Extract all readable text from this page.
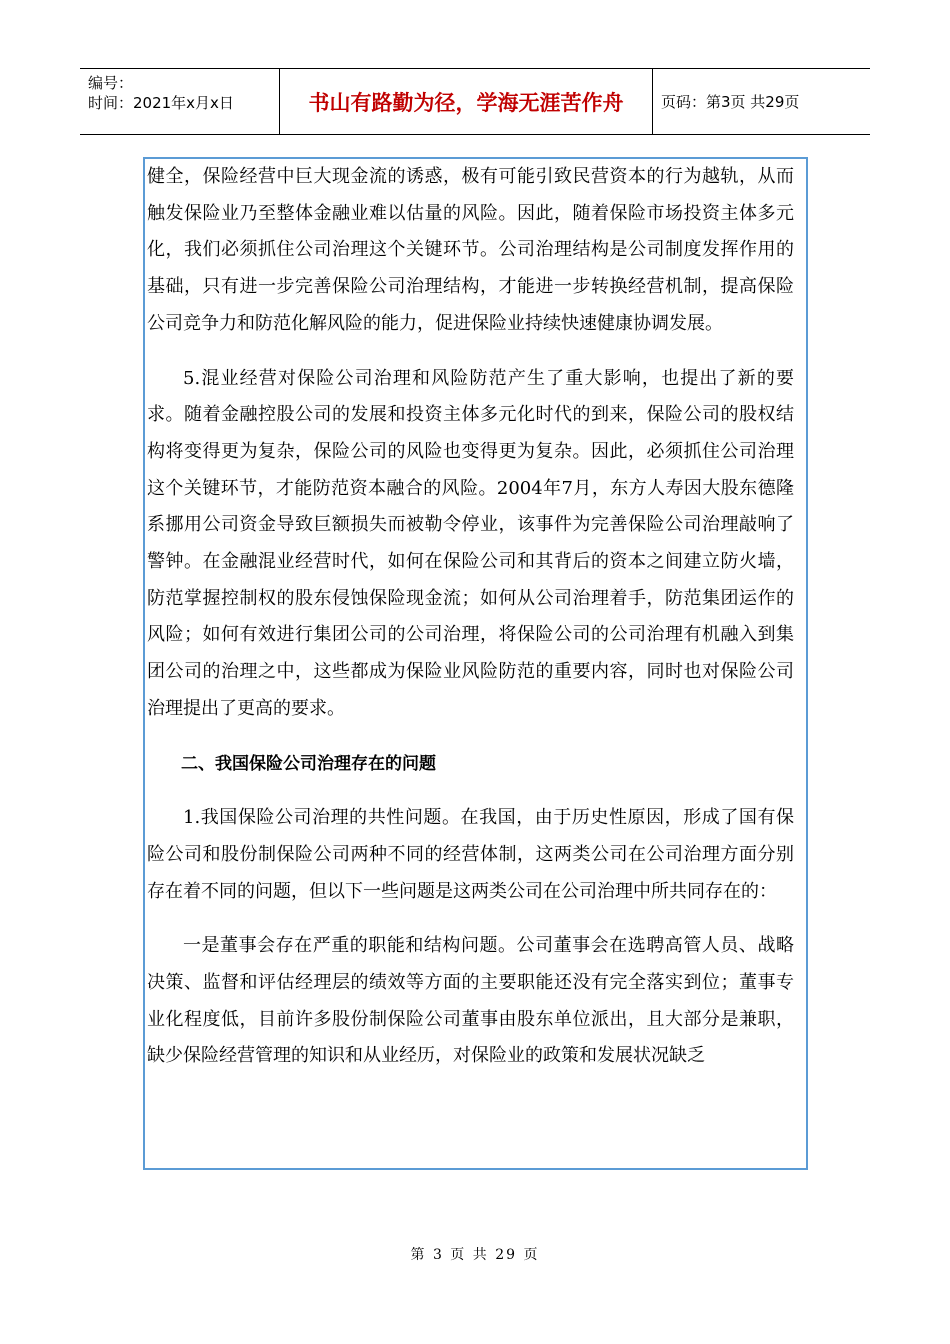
编号：
时间：2021年x月x日	书山有路勤为径，学海无涯苦作舟	页码：第3页 共29页

健全，保险经营中巨大现金流的诱惑，极有可能引致民营资本的行为越轨，从而触发保险业乃至整体金融业难以估量的风险。因此，随着保险市场投资主体多元化，我们必须抓住公司治理这个关键环节。公司治理结构是公司制度发挥作用的基础，只有进一步完善保险公司治理结构，才能进一步转换经营机制，提高保险公司竞争力和防范化解风险的能力，促进保险业持续快速健康协调发展。

5.混业经营对保险公司治理和风险防范产生了重大影响，也提出了新的要求。随着金融控股公司的发展和投资主体多元化时代的到来，保险公司的股权结构将变得更为复杂，保险公司的风险也变得更为复杂。因此，必须抓住公司治理这个关键环节，才能防范资本融合的风险。2004年7月，东方人寿因大股东德隆系挪用公司资金导致巨额损失而被勒令停业，该事件为完善保险公司治理敲响了警钟。在金融混业经营时代，如何在保险公司和其背后的资本之间建立防火墙，防范掌握控制权的股东侵蚀保险现金流；如何从公司治理着手，防范集团运作的风险；如何有效进行集团公司的公司治理，将保险公司的公司治理有机融入到集团公司的治理之中，这些都成为保险业风险防范的重要内容，同时也对保险公司治理提出了更高的要求。

二、我国保险公司治理存在的问题

1.我国保险公司治理的共性问题。在我国，由于历史性原因，形成了国有保险公司和股份制保险公司两种不同的经营体制，这两类公司在公司治理方面分别存在着不同的问题，但以下一些问题是这两类公司在公司治理中所共同存在的：

一是董事会存在严重的职能和结构问题。公司董事会在选聘高管人员、战略决策、监督和评估经理层的绩效等方面的主要职能还没有完全落实到位；董事专业化程度低，目前许多股份制保险公司董事由股东单位派出，且大部分是兼职，缺少保险经营管理的知识和从业经历，对保险业的政策和发展状况缺乏

第 3 页 共 29 页
